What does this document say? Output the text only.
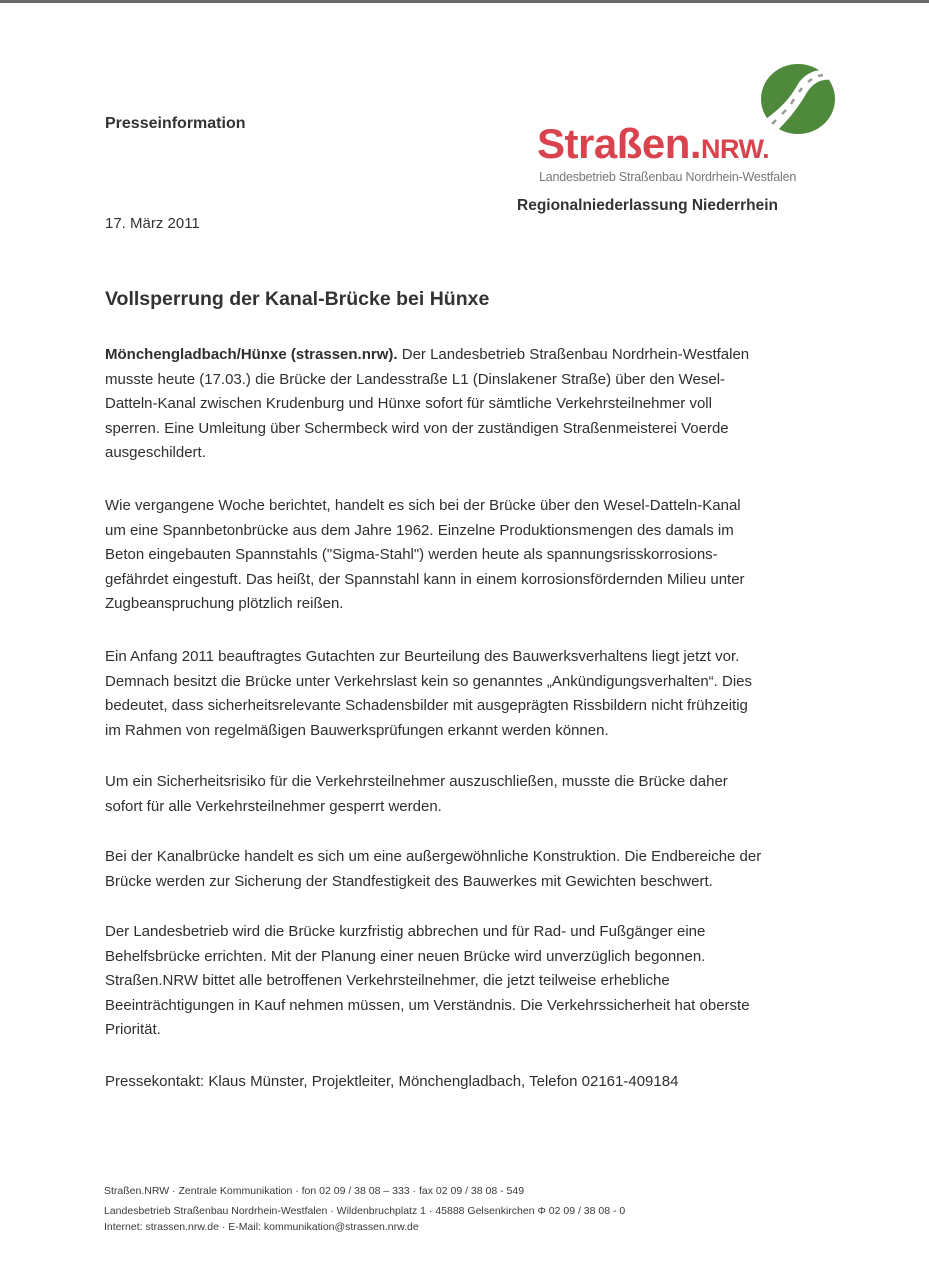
Presseinformation
17. März 2011
Straßen.NRW.
Landesbetrieb Straßenbau Nordrhein-Westfalen
Regionalniederlassung Niederrhein
Vollsperrung der Kanal-Brücke bei Hünxe
Mönchengladbach/Hünxe (strassen.nrw). Der Landesbetrieb Straßenbau Nordrhein-Westfalen
musste heute (17.03.) die Brücke der Landesstraße L1 (Dinslakener Straße) über den Wesel-
Datteln-Kanal zwischen Krudenburg und Hünxe sofort für sämtliche Verkehrsteilnehmer voll
sperren. Eine Umleitung über Schermbeck wird von der zuständigen Straßenmeisterei Voerde
ausgeschildert.
Wie vergangene Woche berichtet, handelt es sich bei der Brücke über den Wesel-Datteln-Kanal
um eine Spannbetonbrücke aus dem Jahre 1962. Einzelne Produktionsmengen des damals im
Beton eingebauten Spannstahls ("Sigma-Stahl") werden heute als spannungsrisskorrosions-
gefährdet eingestuft. Das heißt, der Spannstahl kann in einem korrosionsfördernden Milieu unter
Zugbeanspruchung plötzlich reißen.
Ein Anfang 2011 beauftragtes Gutachten zur Beurteilung des Bauwerksverhaltens liegt jetzt vor.
Demnach besitzt die Brücke unter Verkehrslast kein so genanntes „Ankündigungsverhalten“. Dies
bedeutet, dass sicherheitsrelevante Schadensbilder mit ausgeprägten Rissbildern nicht frühzeitig
im Rahmen von regelmäßigen Bauwerksprüfungen erkannt werden können.
Um ein Sicherheitsrisiko für die Verkehrsteilnehmer auszuschließen, musste die Brücke daher
sofort für alle Verkehrsteilnehmer gesperrt werden.
Bei der Kanalbrücke handelt es sich um eine außergewöhnliche Konstruktion. Die Endbereiche der
Brücke werden zur Sicherung der Standfestigkeit des Bauwerkes mit Gewichten beschwert.
Der Landesbetrieb wird die Brücke kurzfristig abbrechen und für Rad- und Fußgänger eine
Behelfsbrücke errichten. Mit der Planung einer neuen Brücke wird unverzüglich begonnen.
Straßen.NRW bittet alle betroffenen Verkehrsteilnehmer, die jetzt teilweise erhebliche
Beeinträchtigungen in Kauf nehmen müssen, um Verständnis. Die Verkehrssicherheit hat oberste
Priorität.
Pressekontakt: Klaus Münster, Projektleiter, Mönchengladbach, Telefon 02161-409184
Straßen.NRW · Zentrale Kommunikation · fon 02 09 / 38 08 – 333 · fax 02 09 / 38 08 - 549
Landesbetrieb Straßenbau Nordrhein-Westfalen · Wildenbruchplatz 1 · 45888 Gelsenkirchen Φ 02 09 / 38 08 - 0
Internet: strassen.nrw.de · E-Mail: kommunikation@strassen.nrw.de
